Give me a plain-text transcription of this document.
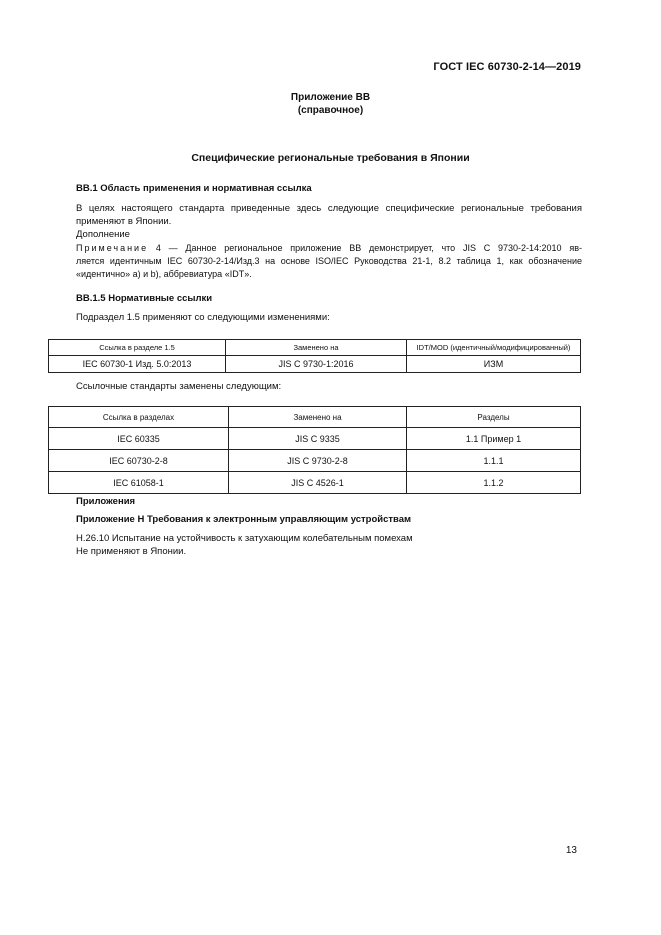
ГОСТ IEC 60730-2-14—2019
Приложение ВВ
(справочное)
Специфические региональные требования в Японии
ВВ.1 Область применения и нормативная ссылка
В целях настоящего стандарта приведенные здесь следующие специфические региональные требования
применяют в Японии.
Дополнение
Примечание 4 — Данное региональное приложение ВВ демонстрирует, что JIS C 9730-2-14:2010 яв-
ляется идентичным IEC 60730-2-14/Изд.3 на основе ISO/IEC Руководства 21-1, 8.2 таблица 1, как обозначение
«идентично» а) и b), аббревиатура «IDT».
ВВ.1.5 Нормативные ссылки
Подраздел 1.5 применяют со следующими изменениями:
Ссылка в разделе 1.5	Заменено на	IDT/MOD (идентичный/модифицированный)
IEC 60730-1 Изд. 5.0:2013	JIS C 9730-1:2016	ИЗМ
Ссылочные стандарты заменены следующим:
Ссылка в разделах	Заменено на	Разделы
IEC 60335	JIS C 9335	1.1 Пример 1
IEC 60730-2-8	JIS C 9730-2-8	1.1.1
IEC 61058-1	JIS C 4526-1	1.1.2
Приложения
Приложение H Требования к электронным управляющим устройствам
H.26.10 Испытание на устойчивость к затухающим колебательным помехам
Не применяют в Японии.
13
